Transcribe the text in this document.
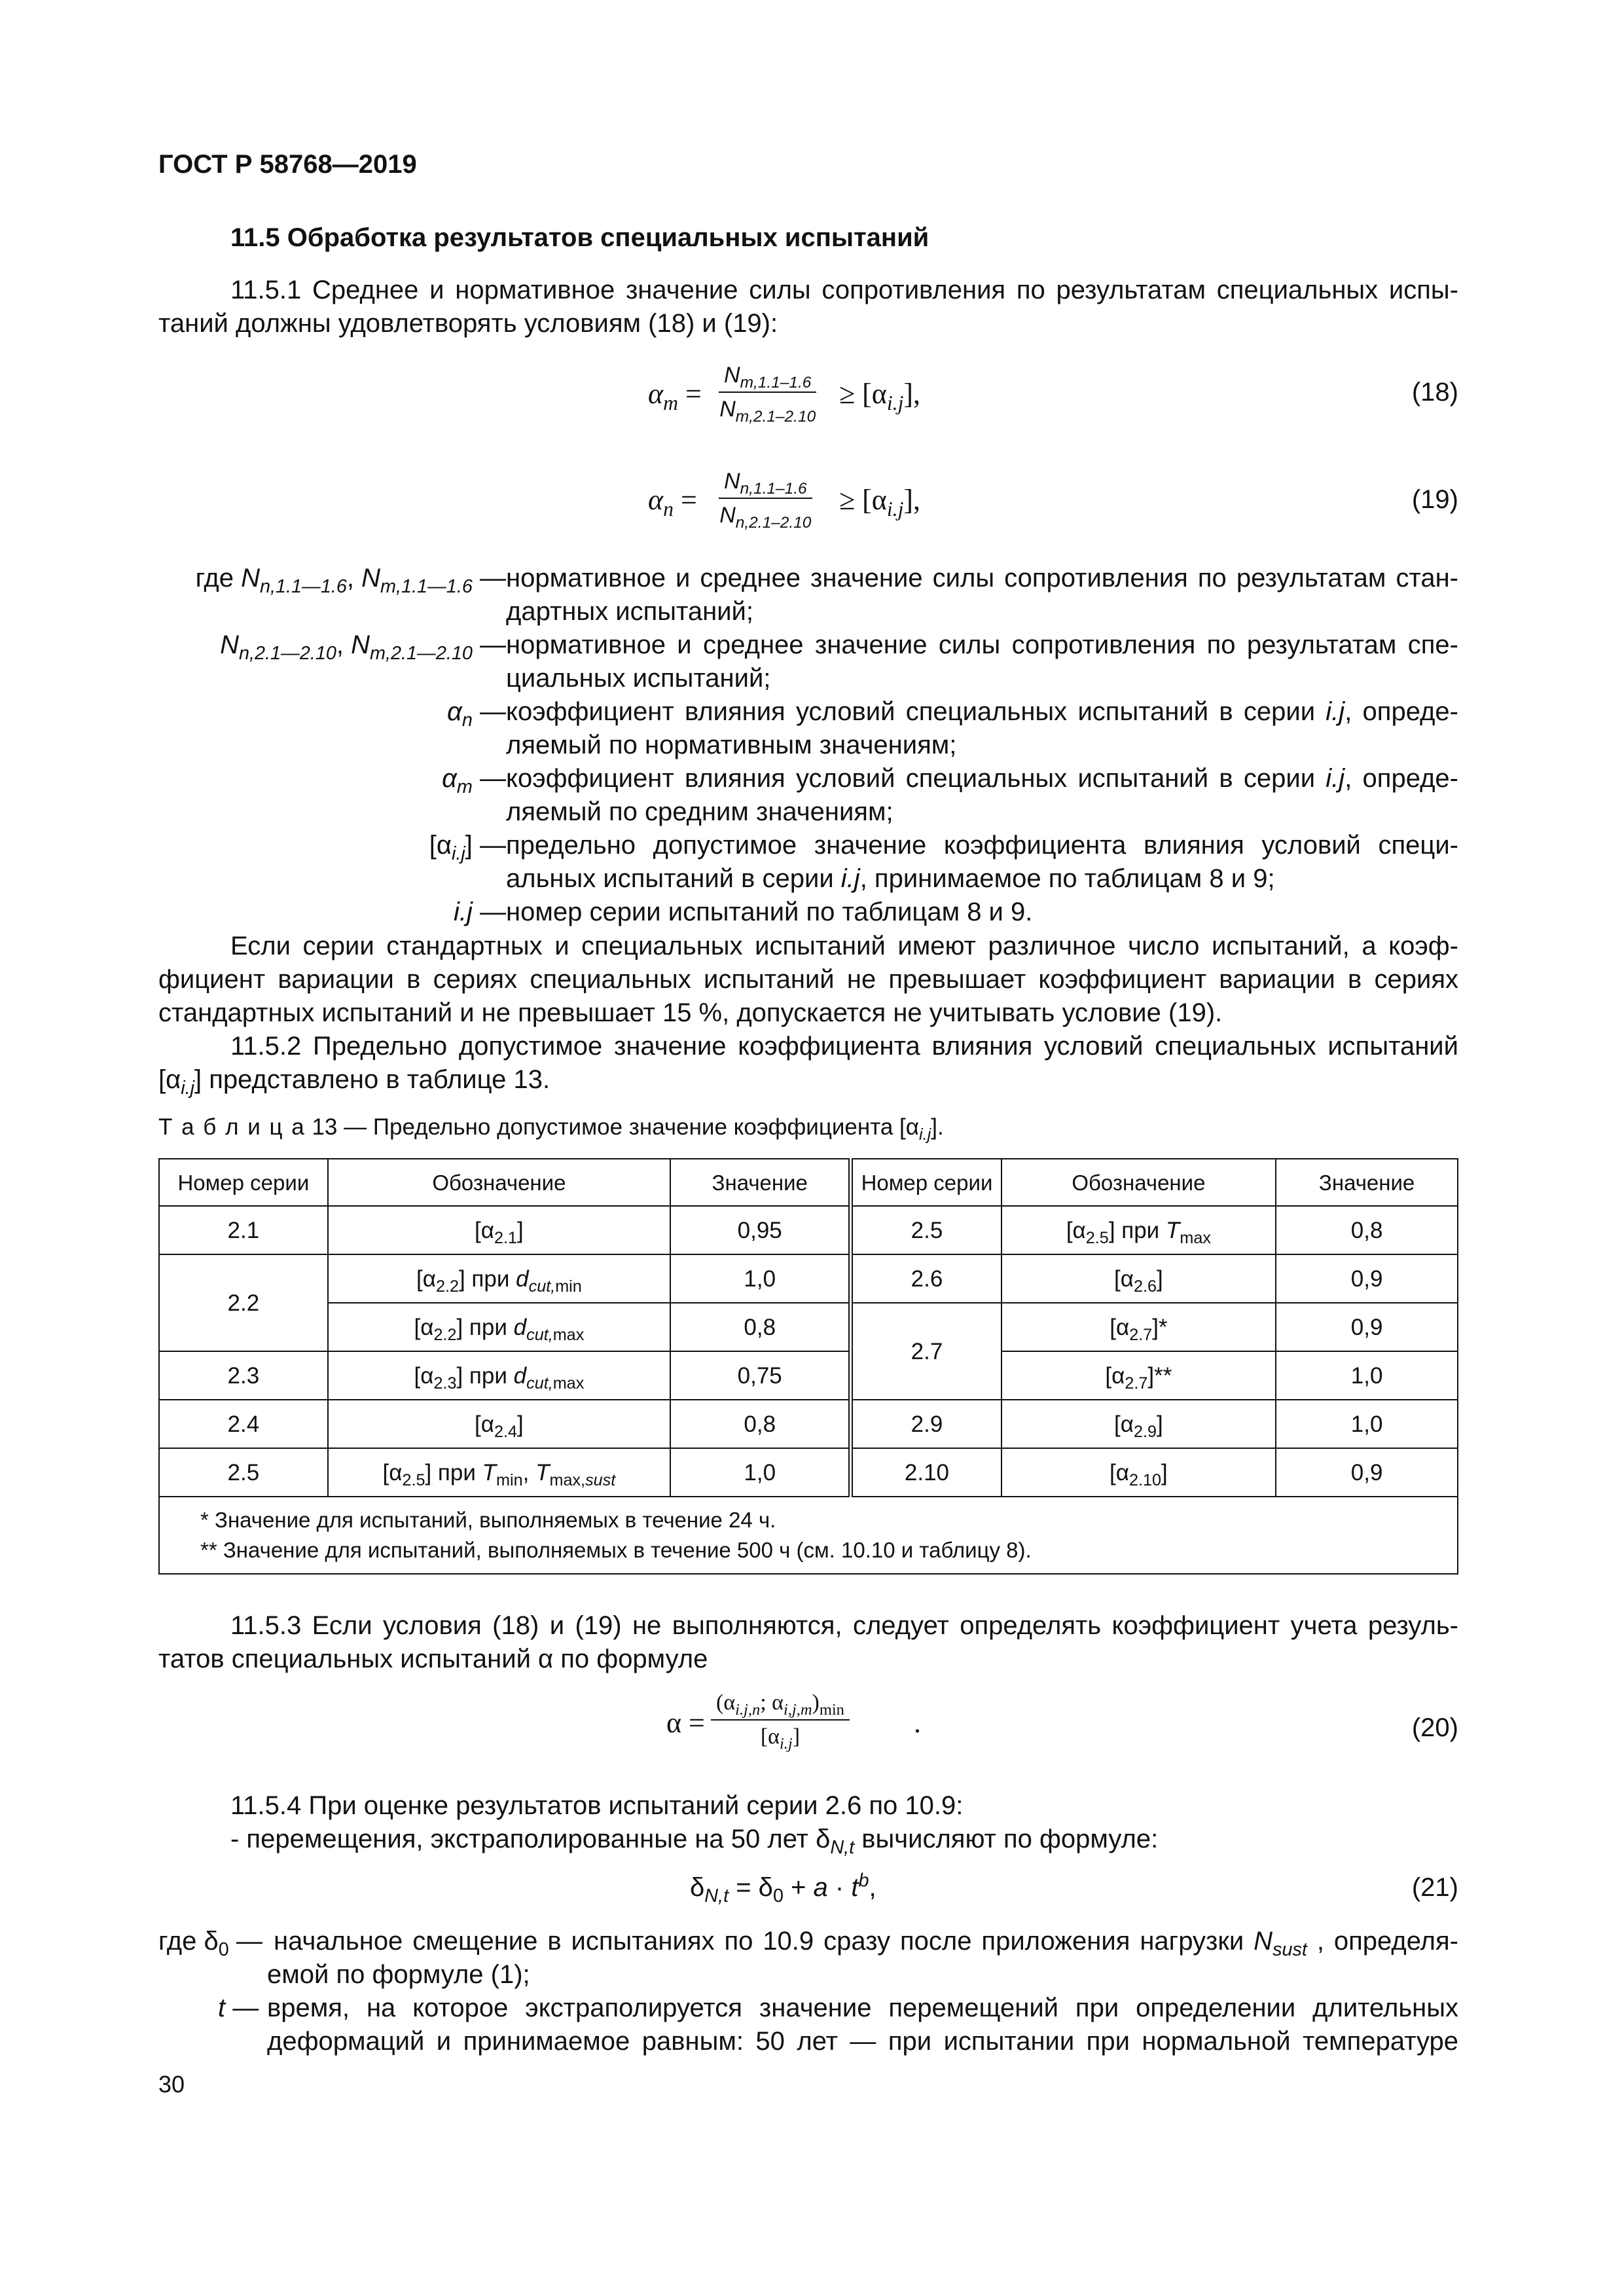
ГОСТ Р 58768—2019
11.5 Обработка результатов специальных испытаний
11.5.1 Среднее и нормативное значение силы сопротивления по результатам специальных испы-
таний должны удовлетворять условиям (18) и (19):
$\alpha_m = \frac{N_{m,1.1-1.6}}{N_{m,2.1-2.10}} \ge [\alpha_{i.j}]$,	(18)
$\alpha_n = \frac{N_{n,1.1-1.6}}{N_{n,2.1-2.10}} \ge [\alpha_{i.j}]$,	(19)
где $N_{n,1.1—1.6}$, $N_{m,1.1—1.6}$ — нормативное и среднее значение силы сопротивления по результатам стан-
дартных испытаний;
$N_{n,2.1—2.10}$, $N_{m,2.1—2.10}$ — нормативное и среднее значение силы сопротивления по результатам спе-
циальных испытаний;
$\alpha_n$ — коэффициент влияния условий специальных испытаний в серии i.j, опреде-
ляемый по нормативным значениям;
$\alpha_m$ — коэффициент влияния условий специальных испытаний в серии i.j, опреде-
ляемый по средним значениям;
$[\alpha_{i.j}]$ — предельно допустимое значение коэффициента влияния условий специ-
альных испытаний в серии i.j, принимаемое по таблицам 8 и 9;
i.j — номер серии испытаний по таблицам 8 и 9.
Если серии стандартных и специальных испытаний имеют различное число испытаний, а коэф-
фициент вариации в сериях специальных испытаний не превышает коэффициент вариации в сериях
стандартных испытаний и не превышает 15 %, допускается не учитывать условие (19).
11.5.2 Предельно допустимое значение коэффициента влияния условий специальных испытаний
$[\alpha_{i.j}]$ представлено в таблице 13.
Т а б л и ц а 13 — Предельно допустимое значение коэффициента $[\alpha_{i.j}]$.
Номер серии	Обозначение	Значение	Номер серии	Обозначение	Значение
2.1	$[\alpha_{2.1}]$	0,95	2.5	$[\alpha_{2.5}]$ при $T_{max}$	0,8
2.2	$[\alpha_{2.2}]$ при $d_{cut,min}$	1,0	2.6	$[\alpha_{2.6}]$	0,9
	$[\alpha_{2.2}]$ при $d_{cut,max}$	0,8	2.7	$[\alpha_{2.7}]*$	0,9
2.3	$[\alpha_{2.3}]$ при $d_{cut,max}$	0,75		$[\alpha_{2.7}]**$	1,0
2.4	$[\alpha_{2.4}]$	0,8	2.9	$[\alpha_{2.9}]$	1,0
2.5	$[\alpha_{2.5}]$ при $T_{min}$, $T_{max,sust}$	1,0	2.10	$[\alpha_{2.10}]$	0,9

* Значение для испытаний, выполняемых в течение 24 ч.
** Значение для испытаний, выполняемых в течение 500 ч (см. 10.10 и таблицу 8).					
11.5.3 Если условия (18) и (19) не выполняются, следует определять коэффициент учета резуль-
татов специальных испытаний α по формуле
α =
($\alpha_{i.j,n}$; $\alpha_{i,j,m})_{min}$
$[\alpha_{i.j}]$	.	(20)
11.5.4 При оценке результатов испытаний серии 2.6 по 10.9:
- перемещения, экстраполированные на 50 лет $\delta_{N,t}$ вычисляют по формуле:
$\delta_{N,t} = \delta_0 + a \cdot t^b$,	(21)
где $\delta_0$ — начальное смещение в испытаниях по 10.9 сразу после приложения нагрузки $N_{sust}$ , определя-
емой по формуле (1);
t — время, на которое экстраполируется значение перемещений при определении длительных
деформаций и принимаемое равным: 50 лет — при испытании при нормальной температуре
30
